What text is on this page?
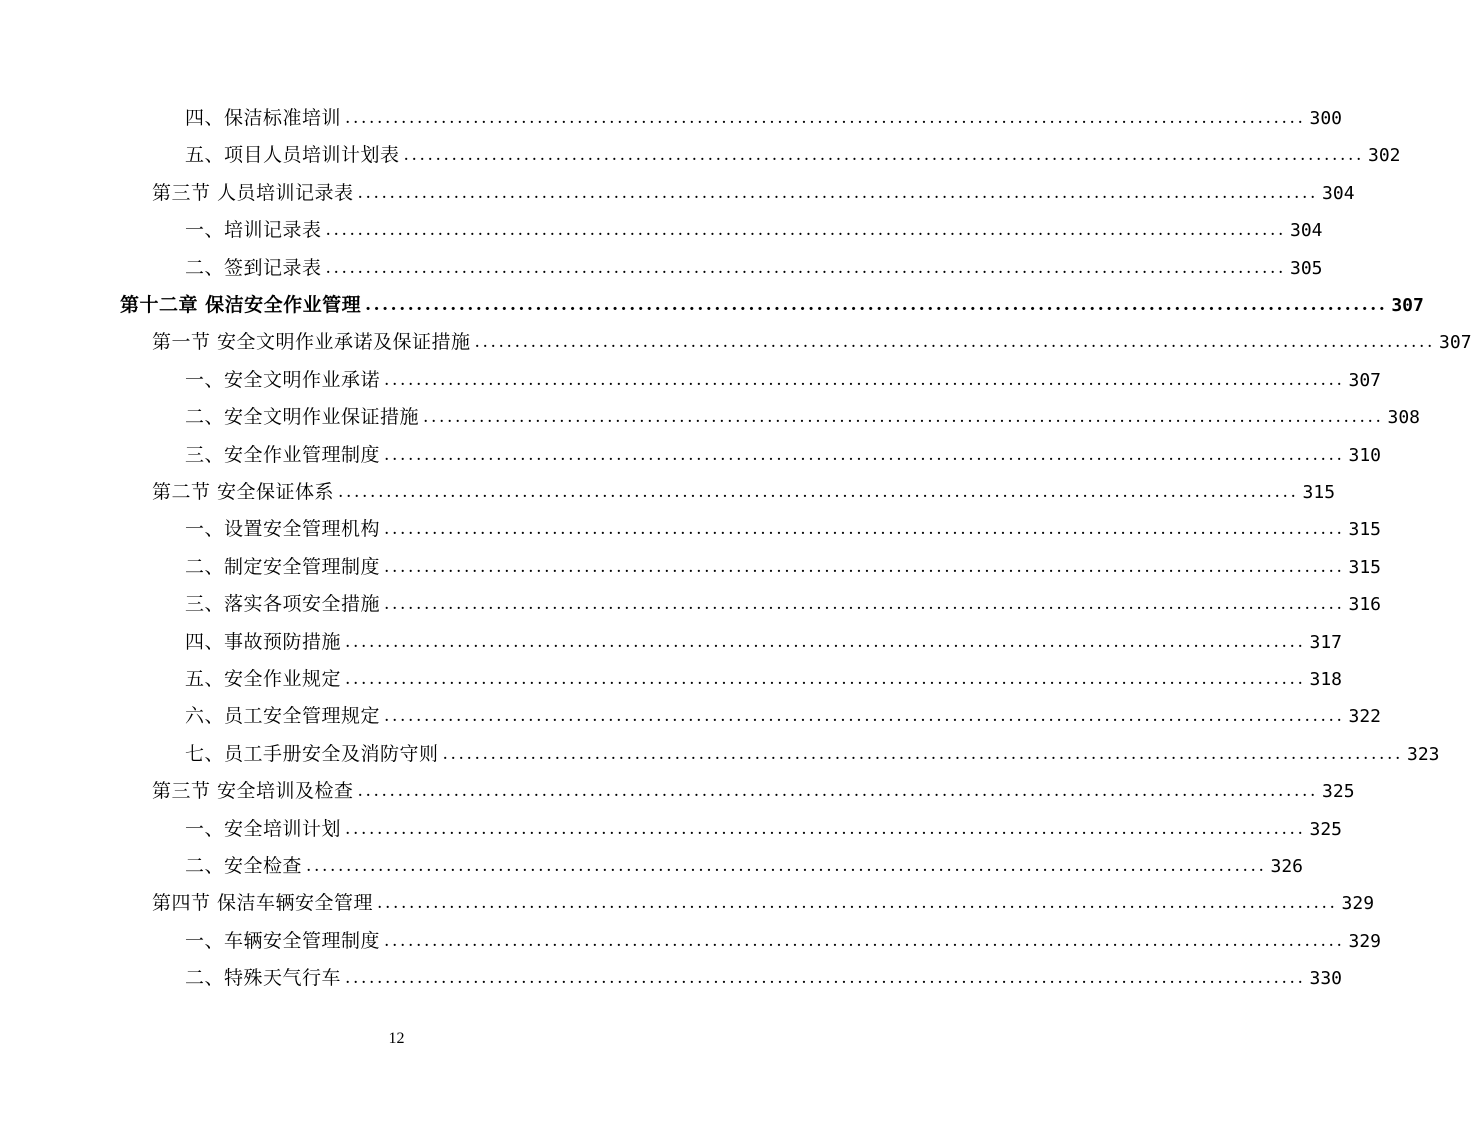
四、保洁标准培训 ........................................................................................................................ 300
五、项目人员培训计划表 ........................................................................................................................ 302
第三节 人员培训记录表 ........................................................................................................................ 304
一、培训记录表 ........................................................................................................................ 304
二、签到记录表 ........................................................................................................................ 305
第十二章 保洁安全作业管理 ........................................................................................................................ 307
第一节 安全文明作业承诺及保证措施 ........................................................................................................................ 307
一、安全文明作业承诺 ........................................................................................................................ 307
二、安全文明作业保证措施 ........................................................................................................................ 308
三、安全作业管理制度 ........................................................................................................................ 310
第二节 安全保证体系 ........................................................................................................................ 315
一、设置安全管理机构 ........................................................................................................................ 315
二、制定安全管理制度 ........................................................................................................................ 315
三、落实各项安全措施 ........................................................................................................................ 316
四、事故预防措施 ........................................................................................................................ 317
五、安全作业规定 ........................................................................................................................ 318
六、员工安全管理规定 ........................................................................................................................ 322
七、员工手册安全及消防守则 ........................................................................................................................ 323
第三节 安全培训及检查 ........................................................................................................................ 325
一、安全培训计划 ........................................................................................................................ 325
二、安全检查 ........................................................................................................................ 326
第四节 保洁车辆安全管理 ........................................................................................................................ 329
一、车辆安全管理制度 ........................................................................................................................ 329
二、特殊天气行车 ........................................................................................................................ 330
12
